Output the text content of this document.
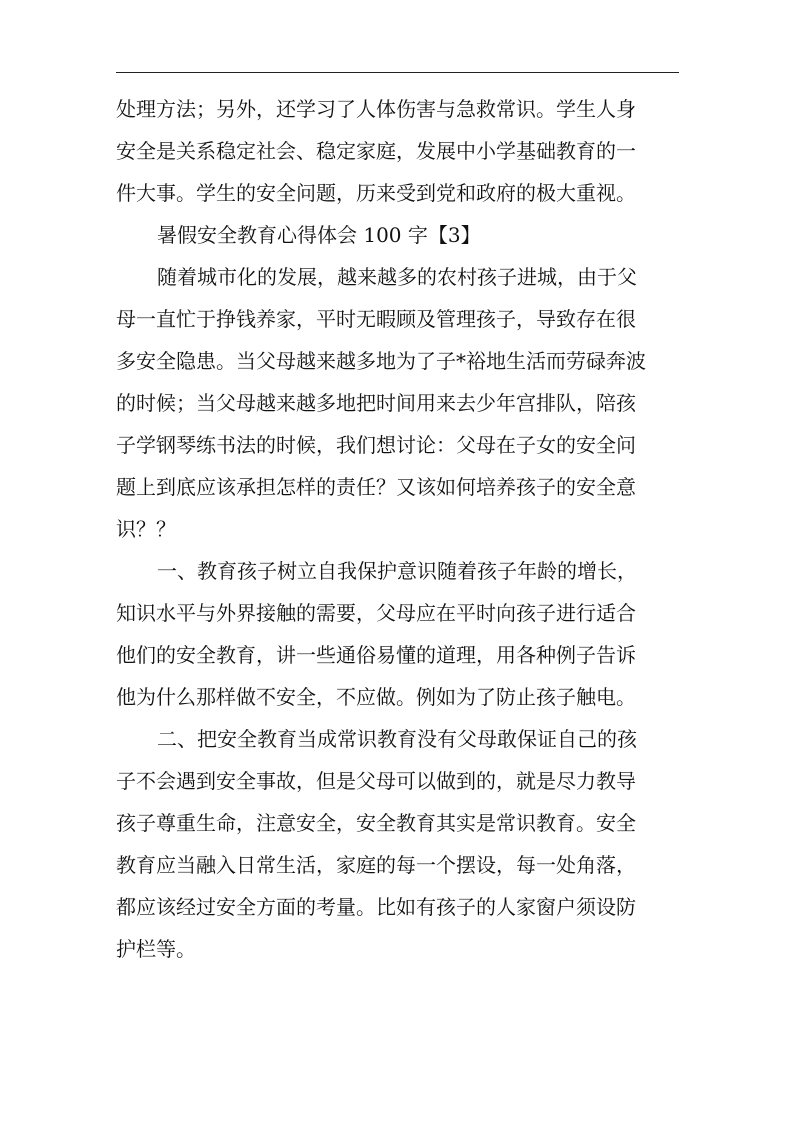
处理方法；另外，还学习了人体伤害与急救常识。学生人身
安全是关系稳定社会、稳定家庭，发展中小学基础教育的一
件大事。学生的安全问题，历来受到党和政府的极大重视。
暑假安全教育心得体会 100 字【3】
随着城市化的发展，越来越多的农村孩子进城，由于父
母一直忙于挣钱养家，平时无暇顾及管理孩子，导致存在很
多安全隐患。当父母越来越多地为了子*裕地生活而劳碌奔波
的时候；当父母越来越多地把时间用来去少年宫排队，陪孩
子学钢琴练书法的时候，我们想讨论：父母在子女的安全问
题上到底应该承担怎样的责任？又该如何培养孩子的安全意
识？？
一、教育孩子树立自我保护意识随着孩子年龄的增长，
知识水平与外界接触的需要，父母应在平时向孩子进行适合
他们的安全教育，讲一些通俗易懂的道理，用各种例子告诉
他为什么那样做不安全，不应做。例如为了防止孩子触电。
二、把安全教育当成常识教育没有父母敢保证自己的孩
子不会遇到安全事故，但是父母可以做到的，就是尽力教导
孩子尊重生命，注意安全，安全教育其实是常识教育。安全
教育应当融入日常生活，家庭的每一个摆设，每一处角落，
都应该经过安全方面的考量。比如有孩子的人家窗户须设防
护栏等。
